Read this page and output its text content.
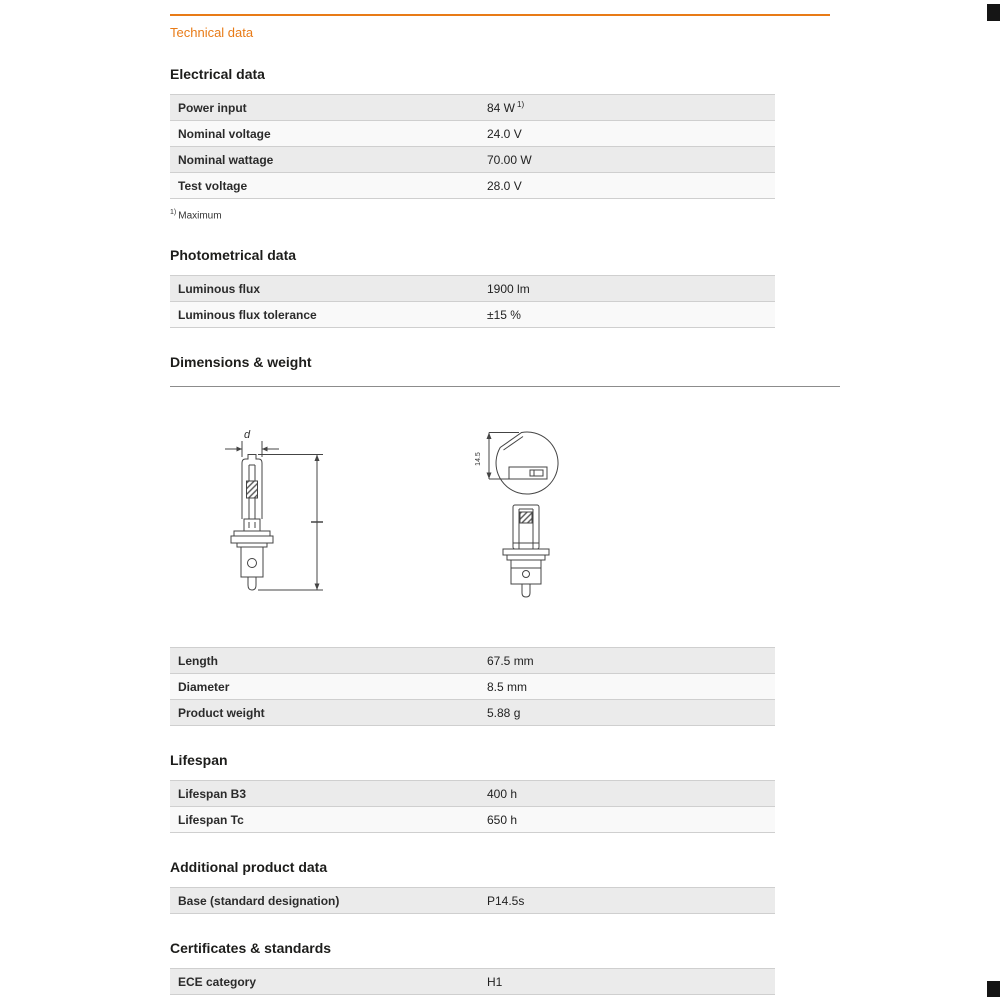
Technical data
Electrical data
Power input	84 W $^{1)}$
Nominal voltage	24.0 V
Nominal wattage	70.00 W
Test voltage	28.0 V
$^{1)}$ Maximum
Photometrical data
Luminous flux	1900 lm
Luminous flux tolerance	±15 %
Dimensions & weight
d
14.5
Length	67.5 mm
Diameter	8.5 mm
Product weight	5.88 g
Lifespan
Lifespan B3	400 h
Lifespan Tc	650 h
Additional product data
Base (standard designation)	P14.5s
Certificates & standards
ECE category	H1
